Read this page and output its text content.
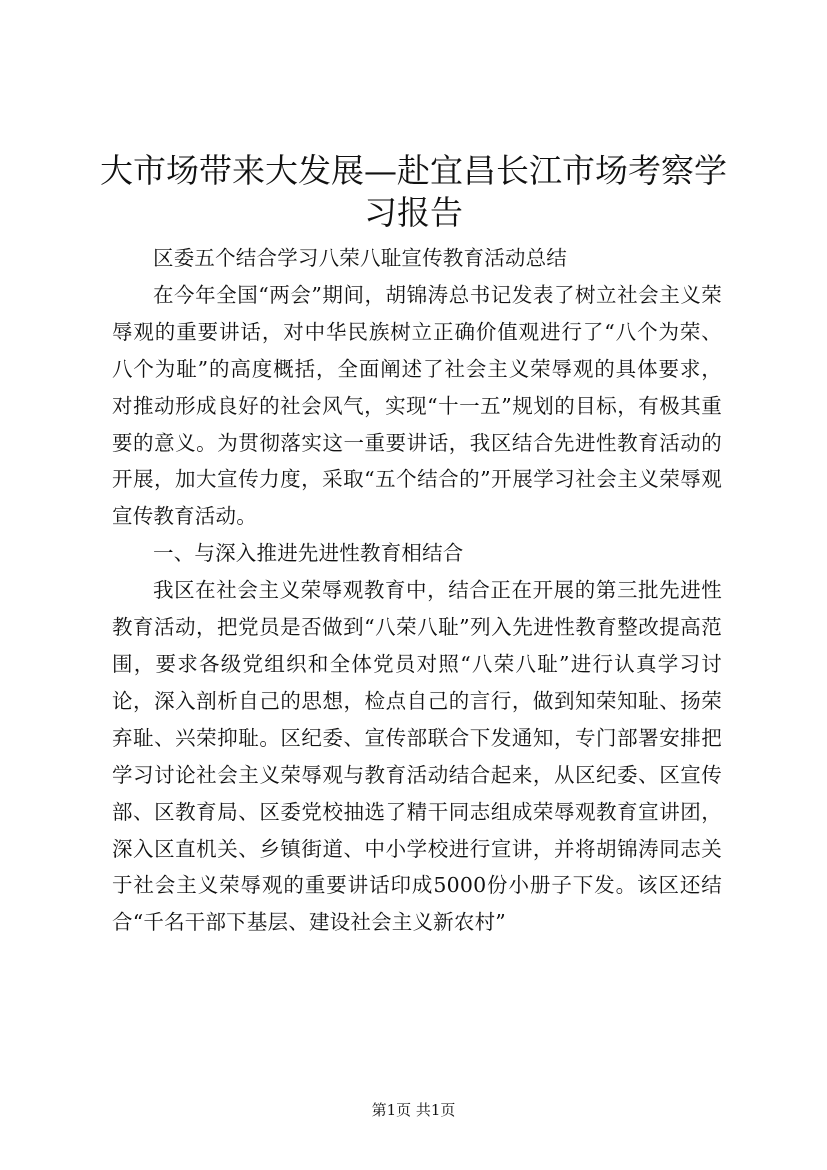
大市场带来大发展—赴宜昌长江市场考察学习报告

区委五个结合学习八荣八耻宣传教育活动总结

在今年全国“两会”期间，胡锦涛总书记发表了树立社会主义荣辱观的重要讲话，对中华民族树立正确价值观进行了“八个为荣、八个为耻”的高度概括，全面阐述了社会主义荣辱观的具体要求，对推动形成良好的社会风气，实现“十一五”规划的目标，有极其重要的意义。为贯彻落实这一重要讲话，我区结合先进性教育活动的开展，加大宣传力度，采取“五个结合的”开展学习社会主义荣辱观宣传教育活动。

一、与深入推进先进性教育相结合

我区在社会主义荣辱观教育中，结合正在开展的第三批先进性教育活动，把党员是否做到“八荣八耻”列入先进性教育整改提高范围，要求各级党组织和全体党员对照“八荣八耻”进行认真学习讨论，深入剖析自己的思想，检点自己的言行，做到知荣知耻、扬荣弃耻、兴荣抑耻。区纪委、宣传部联合下发通知，专门部署安排把学习讨论社会主义荣辱观与教育活动结合起来，从区纪委、区宣传部、区教育局、区委党校抽选了精干同志组成荣辱观教育宣讲团，深入区直机关、乡镇街道、中小学校进行宣讲，并将胡锦涛同志关于社会主义荣辱观的重要讲话印成5000份小册子下发。该区还结合“千名干部下基层、建设社会主义新农村”

第1页 共1页
